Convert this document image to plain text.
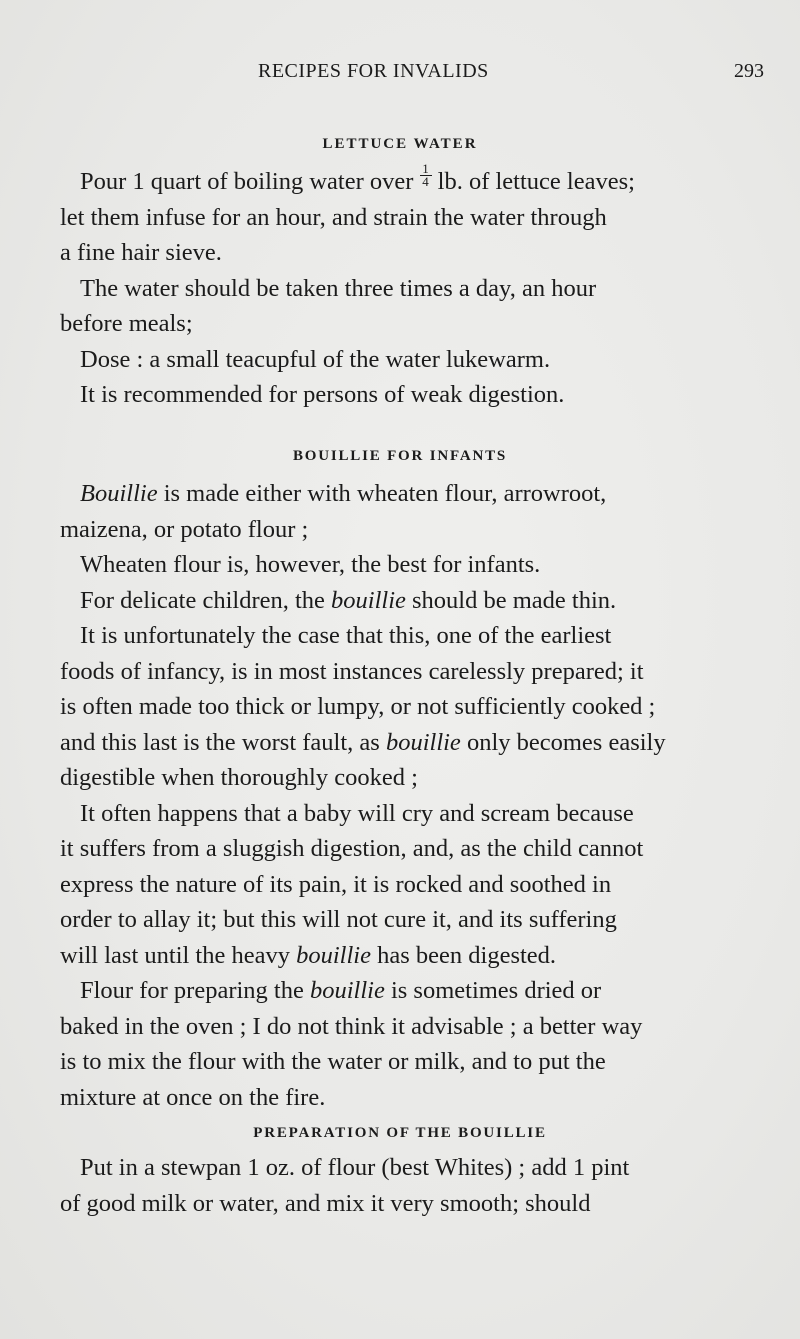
RECIPES FOR INVALIDS	293
LETTUCE WATER
Pour 1 quart of boiling water over $\frac{1}{4}$ lb. of lettuce leaves;
let them infuse for an hour, and strain the water through
a fine hair sieve.
The water should be taken three times a day, an hour
before meals;
Dose : a small teacupful of the water lukewarm.
It is recommended for persons of weak digestion.
BOUILLIE FOR INFANTS
Bouillie is made either with wheaten flour, arrowroot,
maizena, or potato flour ;
Wheaten flour is, however, the best for infants.
For delicate children, the bouillie should be made thin.
It is unfortunately the case that this, one of the earliest
foods of infancy, is in most instances carelessly prepared; it
is often made too thick or lumpy, or not sufficiently cooked ;
and this last is the worst fault, as bouillie only becomes easily
digestible when thoroughly cooked ;
It often happens that a baby will cry and scream because
it suffers from a sluggish digestion, and, as the child cannot
express the nature of its pain, it is rocked and soothed in
order to allay it; but this will not cure it, and its suffering
will last until the heavy bouillie has been digested.
Flour for preparing the bouillie is sometimes dried or
baked in the oven ; I do not think it advisable ; a better way
is to mix the flour with the water or milk, and to put the
mixture at once on the fire.
PREPARATION OF THE BOUILLIE
Put in a stewpan 1 oz. of flour (best Whites) ; add 1 pint
of good milk or water, and mix it very smooth; should
